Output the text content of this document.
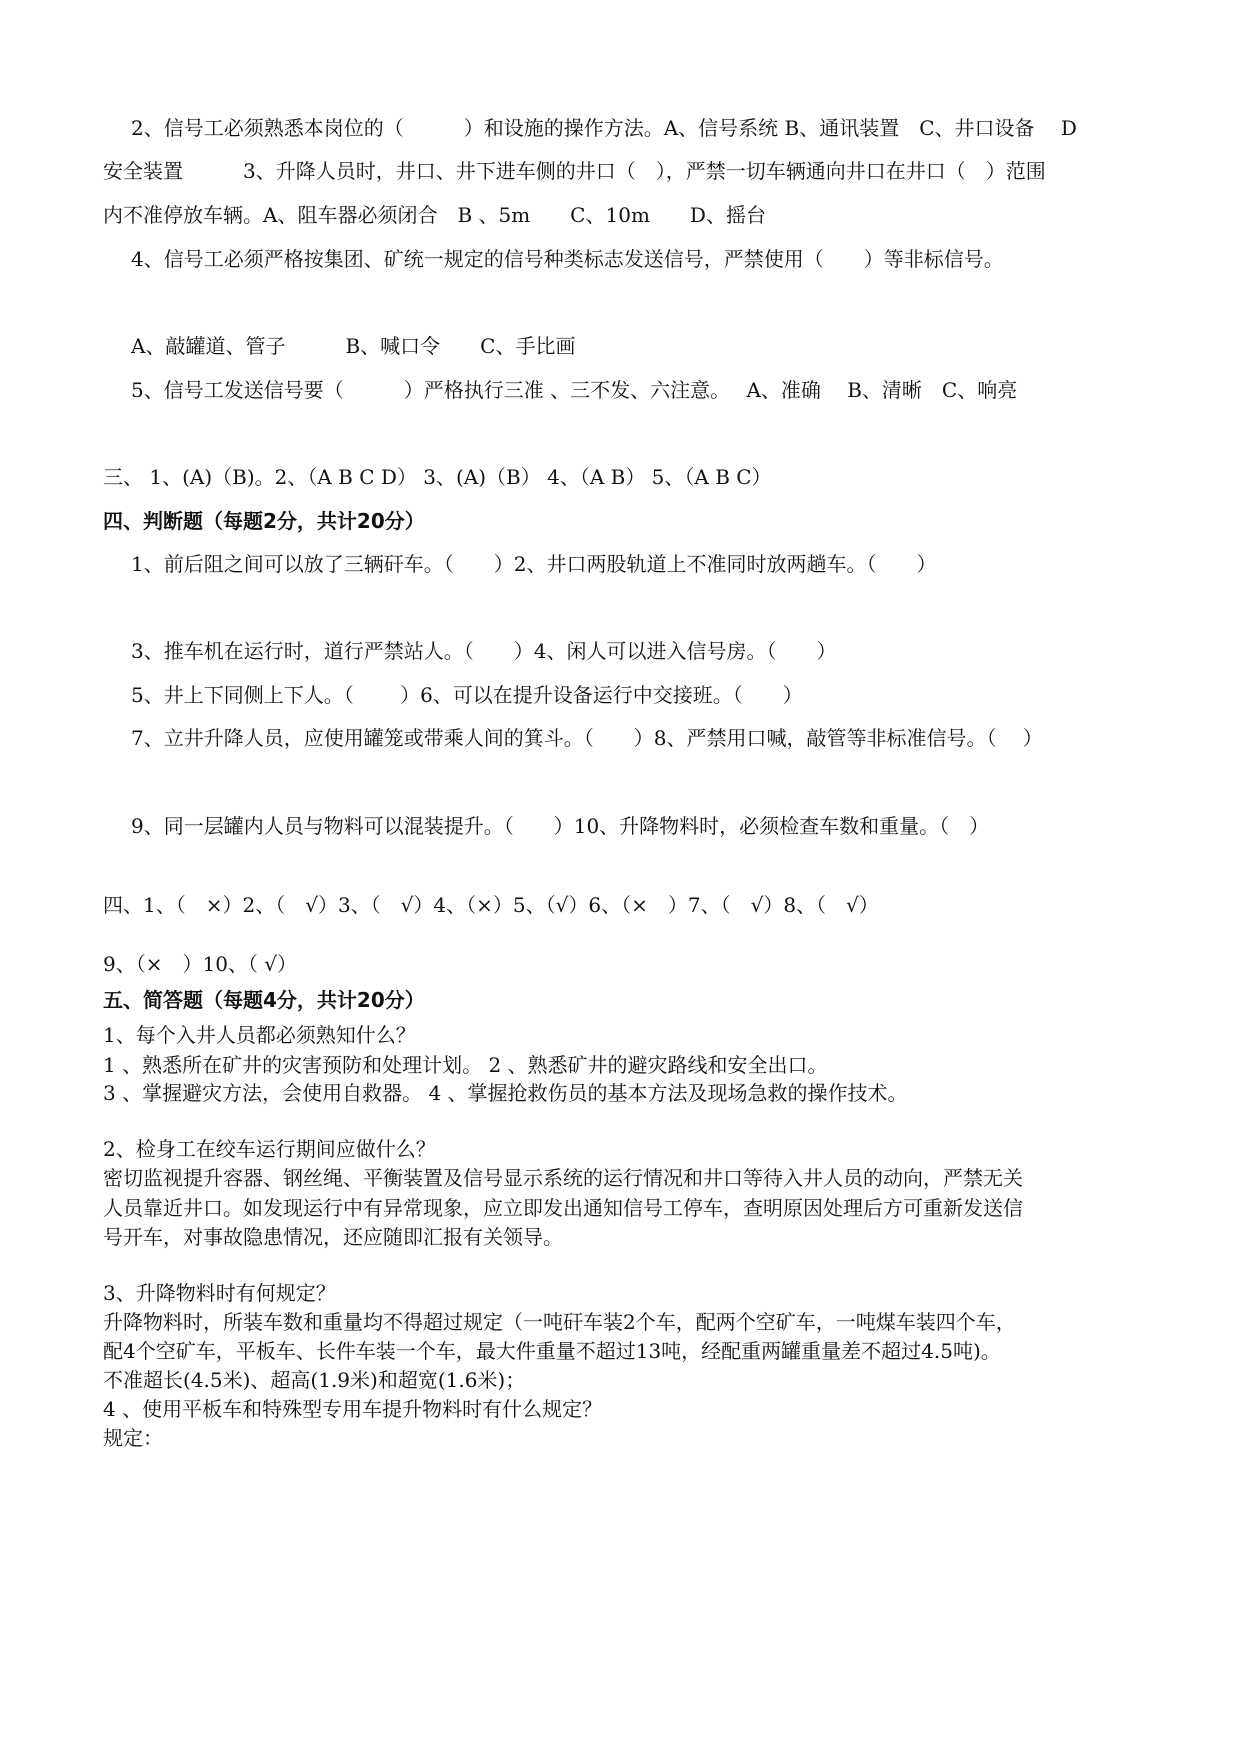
2、信号工必须熟悉本岗位的（　　　）和设施的操作方法。A、信号系统 B、通讯装置　C、井口设备　 D
安全装置　　　3、升降人员时，井口、井下进车侧的井口（　），严禁一切车辆通向井口在井口（　）范围
内不准停放车辆。A、阻车器必须闭合　B 、5m　　C、10m　　D、摇台
4、信号工必须严格按集团、矿统一规定的信号种类标志发送信号，严禁使用（　　）等非标信号。
A、敲罐道、管子　　　B、喊口令　　C、手比画
5、信号工发送信号要（　　　）严格执行三准 、三不发、六注意。　 A、准确　 B、清晰　C、响亮
三、 1、(A)（B)。2、（A B C D） 3、(A)（B） 4、（A B） 5、（A B C）
四、判断题（每题2分，共计20分）
1、前后阻之间可以放了三辆矸车。（　　）2、井口两股轨道上不准同时放两趟车。（　　）
3、推车机在运行时，道行严禁站人。（　　）4、闲人可以进入信号房。（　　）
5、井上下同侧上下人。（　　 ）6、可以在提升设备运行中交接班。（　　）
7、立井升降人员，应使用罐笼或带乘人间的箕斗。（　　）8、严禁用口喊，敲管等非标准信号。（　 ）
9、同一层罐内人员与物料可以混装提升。（　　）10、升降物料时，必须检查车数和重量。（　）
四、1、（　×）2、（　√）3、（　√）4、（×）5、（√）6、（×　）7、（　√）8、（　√）
9、（×　）10、（ √）
五、简答题（每题4分，共计20分）
1、每个入井人员都必须熟知什么？
1 、熟悉所在矿井的灾害预防和处理计划。 2 、熟悉矿井的避灾路线和安全出口。
3 、掌握避灾方法，会使用自救器。 4 、掌握抢救伤员的基本方法及现场急救的操作技术。
2、检身工在绞车运行期间应做什么？
密切监视提升容器、钢丝绳、平衡装置及信号显示系统的运行情况和井口等待入井人员的动向，严禁无关
人员靠近井口。如发现运行中有异常现象，应立即发出通知信号工停车，查明原因处理后方可重新发送信
号开车，对事故隐患情况，还应随即汇报有关领导。
3、升降物料时有何规定？
升降物料时，所装车数和重量均不得超过规定（一吨矸车装2个车，配两个空矿车，一吨煤车装四个车，
配4个空矿车，平板车、长件车装一个车，最大件重量不超过13吨，经配重两罐重量差不超过4.5吨)。
不准超长(4.5米)、超高(1.9米)和超宽(1.6米)；
4 、使用平板车和特殊型专用车提升物料时有什么规定？
规定：
